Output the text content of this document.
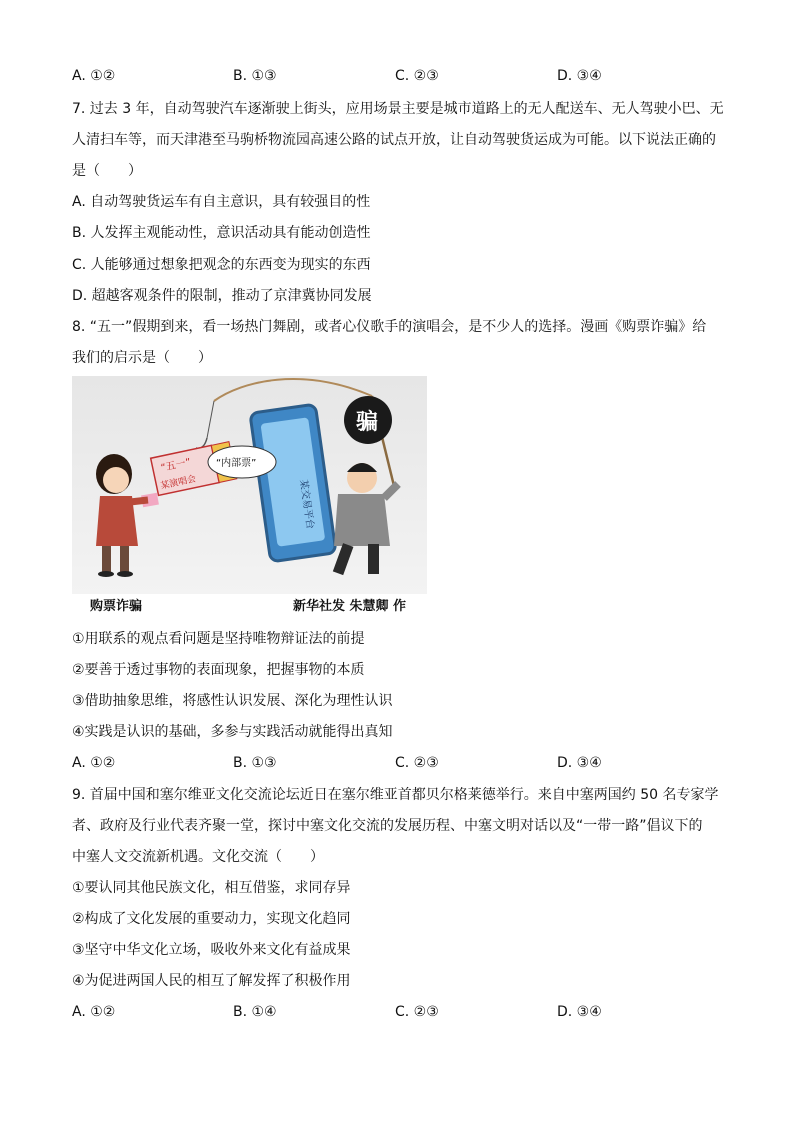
A. ①②	B. ①③	C. ②③	D. ③④
7. 过去 3 年，自动驾驶汽车逐渐驶上街头，应用场景主要是城市道路上的无人配送车、无人驾驶小巴、无
人清扫车等，而天津港至马驹桥物流园高速公路的试点开放，让自动驾驶货运成为可能。以下说法正确的
是（　　）
A. 自动驾驶货运车有自主意识，具有较强目的性
B. 人发挥主观能动性，意识活动具有能动创造性
C. 人能够通过想象把观念的东西变为现实的东西
D. 超越客观条件的限制，推动了京津冀协同发展
8. “五一”假期到来，看一场热门舞剧，或者心仪歌手的演唱会，是不少人的选择。漫画《购票诈骗》给
我们的启示是（　　）
“五一”
某演唱会	某交易平台
“内部票”
骗
购票诈骗	新华社发 朱慧卿 作
①用联系的观点看问题是坚持唯物辩证法的前提
②要善于透过事物的表面现象，把握事物的本质
③借助抽象思维，将感性认识发展、深化为理性认识
④实践是认识的基础，多参与实践活动就能得出真知
A. ①②	B. ①③	C. ②③	D. ③④
9. 首届中国和塞尔维亚文化交流论坛近日在塞尔维亚首都贝尔格莱德举行。来自中塞两国约 50 名专家学
者、政府及行业代表齐聚一堂，探讨中塞文化交流的发展历程、中塞文明对话以及“一带一路”倡议下的
中塞人文交流新机遇。文化交流（　　）
①要认同其他民族文化，相互借鉴，求同存异
②构成了文化发展的重要动力，实现文化趋同
③坚守中华文化立场，吸收外来文化有益成果
④为促进两国人民的相互了解发挥了积极作用
A. ①②	B. ①④	C. ②③	D. ③④
